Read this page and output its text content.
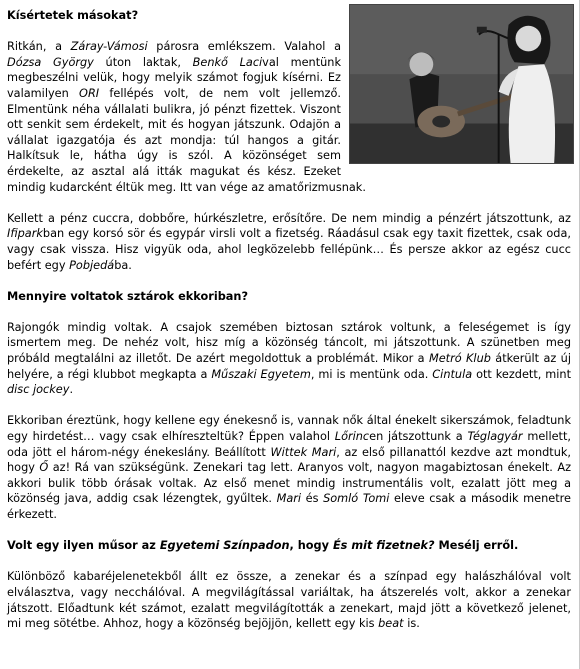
Kísértetek másokat?

Ritkán, a Záray-Vámosi párosra emlékszem. Valahol a Dózsa György úton laktak, Benkő Lacival mentünk megbeszélni velük, hogy melyik számot fogjuk kísérni. Ez valamilyen ORI fellépés volt, de nem volt jellemző. Elmentünk néha vállalati bulikra, jó pénzt fizettek. Viszont ott senkit sem érdekelt, mit és hogyan játszunk. Odajön a vállalat igazgatója és azt mondja: túl hangos a gitár. Halkítsuk le, hátha úgy is szól. A közönséget sem érdekelte, az asztal alá itták magukat és kész. Ezeket mindig kudarcként éltük meg. Itt van vége az amatőrizmusnak.

Kellett a pénz cuccra, dobbőre, húrkészletre, erősítőre. De nem mindig a pénzért játszottunk, az Ifiparkban egy korsó sör és egypár virsli volt a fizetség. Ráadásul csak egy taxit fizettek, csak oda, vagy csak vissza. Hisz vigyük oda, ahol legközelebb fellépünk… És persze akkor az egész cucc befért egy Pobjedába.

Mennyire voltatok sztárok ekkoriban?

Rajongók mindig voltak. A csajok szemében biztosan sztárok voltunk, a feleségemet is így ismertem meg. De nehéz volt, hisz míg a közönség táncolt, mi játszottunk. A szünetben meg próbáld megtalálni az illetőt. De azért megoldottuk a problémát. Mikor a Metró Klub átkerült az új helyére, a régi klubbot megkapta a Műszaki Egyetem, mi is mentünk oda. Cintula ott kezdett, mint disc jockey.

Ekkoriban éreztünk, hogy kellene egy énekesnő is, vannak nők által énekelt sikerszámok, feladtunk egy hirdetést… vagy csak elhíreszteltük? Éppen valahol Lőrincen játszottunk a Téglagyár mellett, oda jött el három-négy énekeslány. Beállított Wittek Mari, az első pillanattól kezdve azt mondtuk, hogy Ő az! Rá van szükségünk. Zenekari tag lett. Aranyos volt, nagyon magabiztosan énekelt. Az akkori bulik több órásak voltak. Az első menet mindig instrumentális volt, ezalatt jött meg a közönség java, addig csak lézengtek, gyűltek. Mari és Somló Tomi eleve csak a második menetre érkezett.

Volt egy ilyen műsor az Egyetemi Színpadon, hogy És mit fizetnek? Mesélj erről.

Különböző kabaréjelenetekből állt ez össze, a zenekar és a színpad egy halászhálóval volt elválasztva, vagy necchálóval. A megvilágítással variáltak, ha átszerelés volt, akkor a zenekar játszott. Előadtunk két számot, ezalatt megvilágították a zenekart, majd jött a következő jelenet, mi meg sötétbe. Ahhoz, hogy a közönség bejöjjön, kellett egy kis beat is.
